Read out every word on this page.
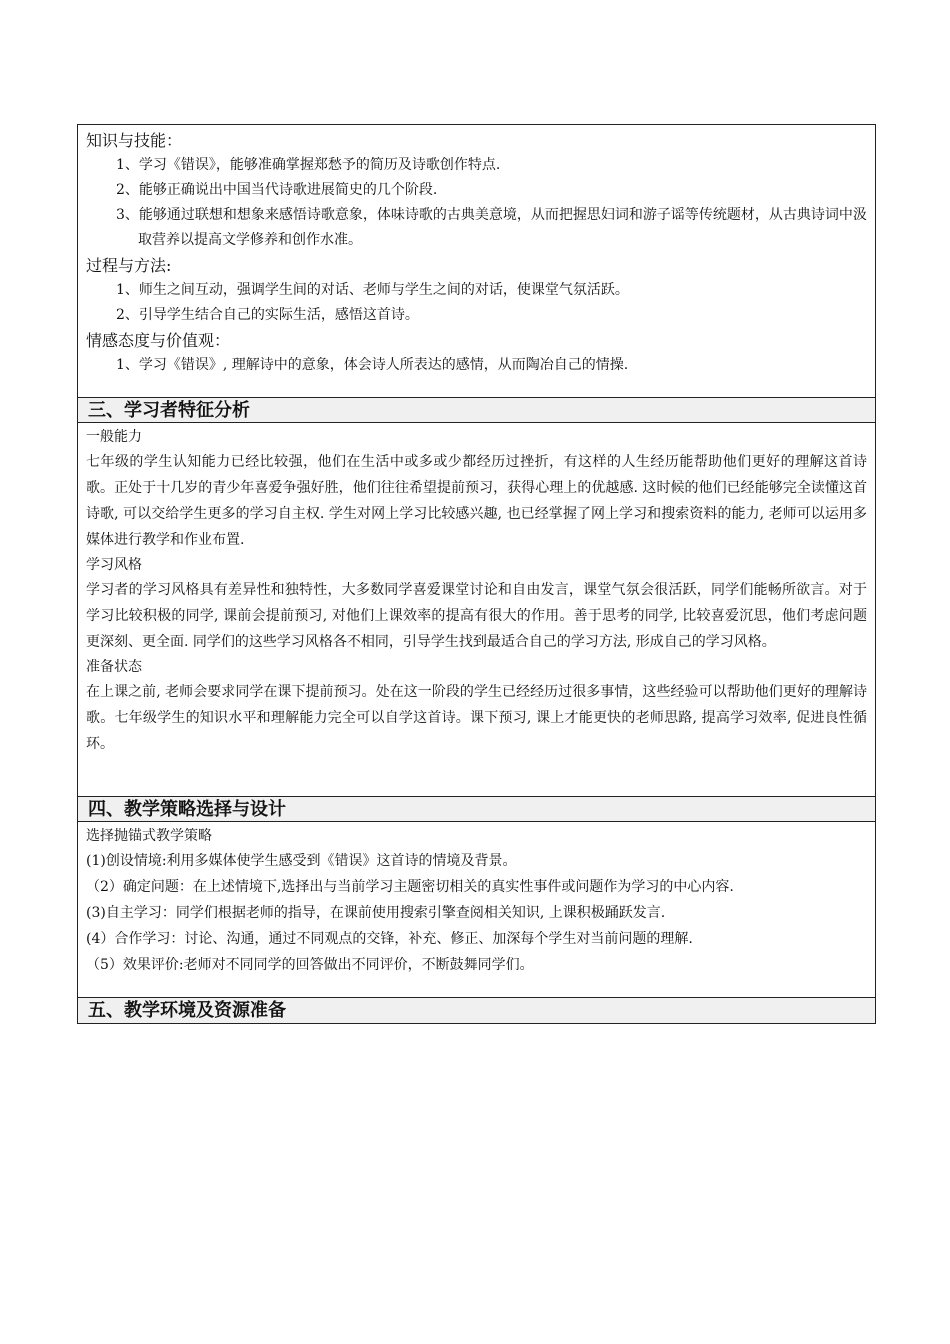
知识与技能：

1、学习《错误》，能够准确掌握郑愁予的简历及诗歌创作特点.

2、能够正确说出中国当代诗歌进展简史的几个阶段.

3、能够通过联想和想象来感悟诗歌意象，体味诗歌的古典美意境，从而把握思妇词和游子谣等传统题材，从古典诗词中汲取营养以提高文学修养和创作水准。

过程与方法:

1、师生之间互动，强调学生间的对话、老师与学生之间的对话，使课堂气氛活跃。

2、引导学生结合自己的实际生活，感悟这首诗。

情感态度与价值观：

1、学习《错误》, 理解诗中的意象，体会诗人所表达的感情，从而陶冶自己的情操.

三、学习者特征分析

一般能力

七年级的学生认知能力已经比较强，他们在生活中或多或少都经历过挫折，有这样的人生经历能帮助他们更好的理解这首诗歌。正处于十几岁的青少年喜爱争强好胜，他们往往希望提前预习，获得心理上的优越感. 这时候的他们已经能够完全读懂这首诗歌, 可以交给学生更多的学习自主权. 学生对网上学习比较感兴趣, 也已经掌握了网上学习和搜索资料的能力, 老师可以运用多媒体进行教学和作业布置.

学习风格

学习者的学习风格具有差异性和独特性，大多数同学喜爱课堂讨论和自由发言，课堂气氛会很活跃，同学们能畅所欲言。对于学习比较积极的同学, 课前会提前预习, 对他们上课效率的提高有很大的作用。善于思考的同学, 比较喜爱沉思，他们考虑问题更深刻、更全面. 同学们的这些学习风格各不相同，引导学生找到最适合自己的学习方法, 形成自己的学习风格。

准备状态

在上课之前, 老师会要求同学在课下提前预习。处在这一阶段的学生已经经历过很多事情，这些经验可以帮助他们更好的理解诗歌。七年级学生的知识水平和理解能力完全可以自学这首诗。课下预习, 课上才能更快的老师思路, 提高学习效率, 促进良性循环。

四、教学策略选择与设计

选择抛锚式教学策略

(1)创设情境:利用多媒体使学生感受到《错误》这首诗的情境及背景。

（2）确定问题：在上述情境下,选择出与当前学习主题密切相关的真实性事件或问题作为学习的中心内容.

(3)自主学习：同学们根据老师的指导，在课前使用搜索引擎查阅相关知识, 上课积极踊跃发言.

(4）合作学习：讨论、沟通，通过不同观点的交锋，补充、修正、加深每个学生对当前问题的理解.

（5）效果评价:老师对不同同学的回答做出不同评价，不断鼓舞同学们。

五、教学环境及资源准备
